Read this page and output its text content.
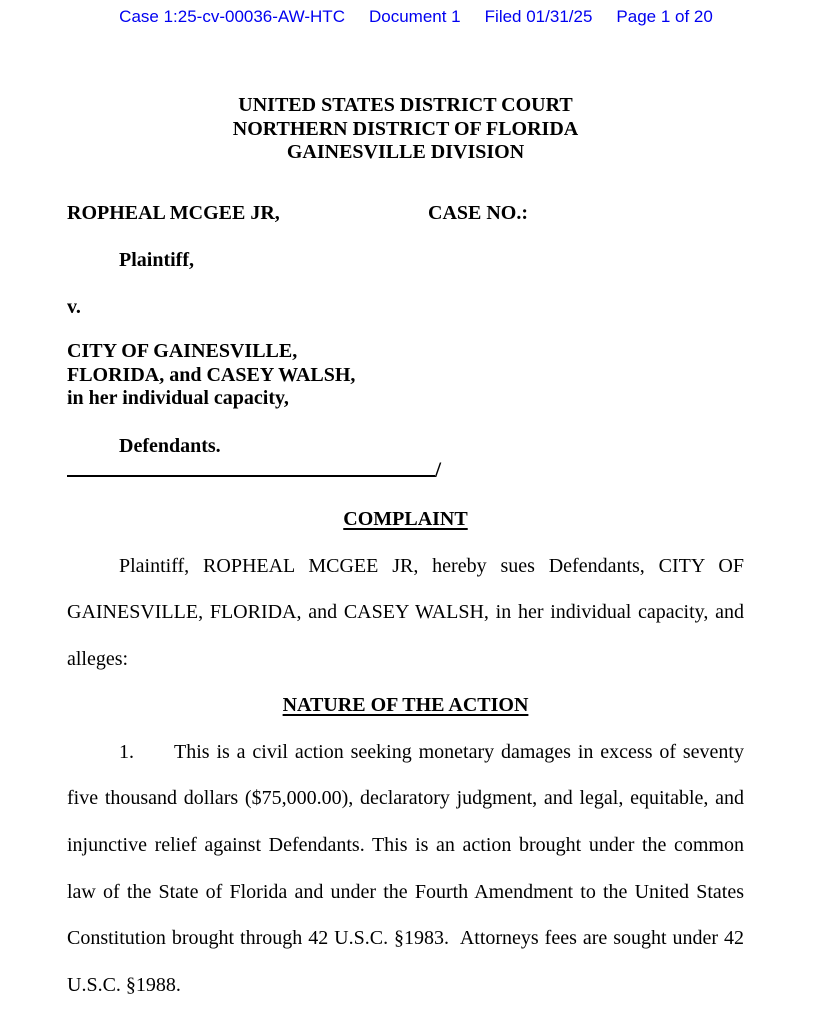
Case 1:25-cv-00036-AW-HTC Document 1 Filed 01/31/25 Page 1 of 20
UNITED STATES DISTRICT COURT
NORTHERN DISTRICT OF FLORIDA
GAINESVILLE DIVISION
ROPHEAL MCGEE JR,	CASE NO.:
Plaintiff,
v.
CITY OF GAINESVILLE,
FLORIDA, and CASEY WALSH,
in her individual capacity,
Defendants.
/
COMPLAINT

Plaintiff, ROPHEAL MCGEE JR, hereby sues Defendants, CITY OF GAINESVILLE, FLORIDA, and CASEY WALSH, in her individual capacity, and alleges:

NATURE OF THE ACTION

1. This is a civil action seeking monetary damages in excess of seventy five thousand dollars ($75,000.00), declaratory judgment, and legal, equitable, and injunctive relief against Defendants. This is an action brought under the common law of the State of Florida and under the Fourth Amendment to the United States Constitution brought through 42 U.S.C. §1983.  Attorneys fees are sought under 42 U.S.C. §1988.
